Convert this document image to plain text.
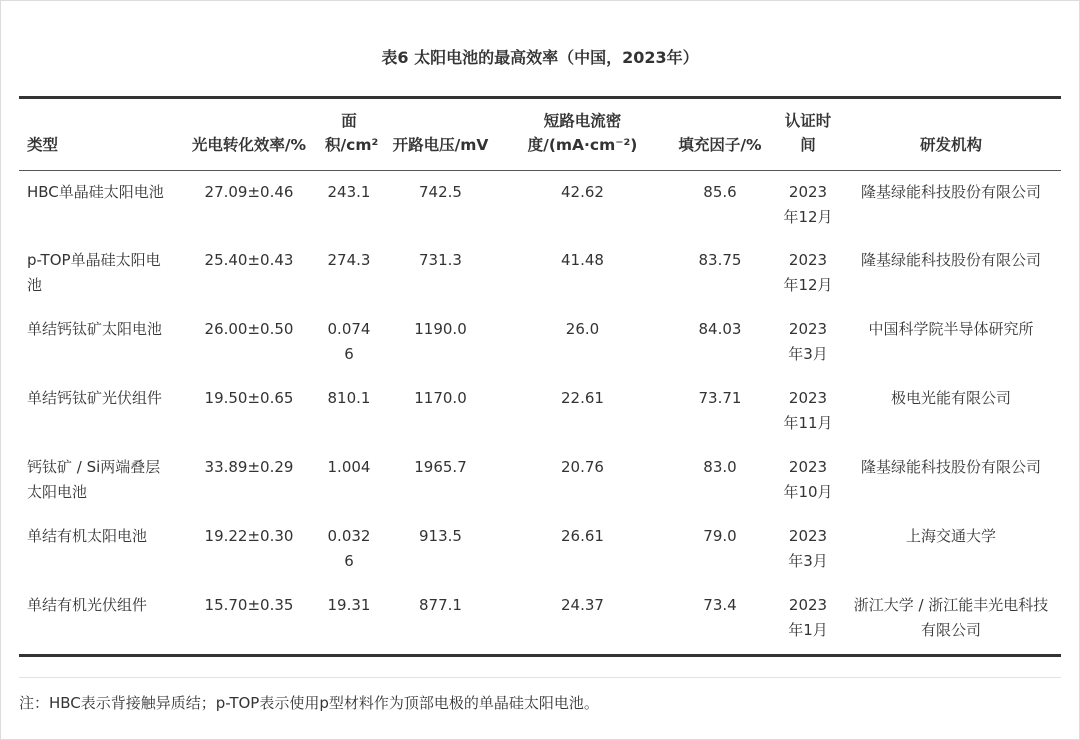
表6 太阳电池的最高效率（中国，2023年）
类型	光电转化效率/%	面积/cm²	开路电压/mV	短路电流密度/(mA·cm⁻²)	填充因子/%	认证时间	研发机构
HBC单晶硅太阳电池	27.09±0.46	243.1	742.5	42.62	85.6	2023年12月	隆基绿能科技股份有限公司
p-TOP单晶硅太阳电池	25.40±0.43	274.3	731.3	41.48	83.75	2023年12月	隆基绿能科技股份有限公司
单结钙钛矿太阳电池	26.00±0.50	0.074 6	1190.0	26.0	84.03	2023年3月	中国科学院半导体研究所
单结钙钛矿光伏组件	19.50±0.65	810.1	1170.0	22.61	73.71	2023年11月	极电光能有限公司
钙钛矿 / Si两端叠层太阳电池	33.89±0.29	1.004	1965.7	20.76	83.0	2023年10月	隆基绿能科技股份有限公司
单结有机太阳电池	19.22±0.30	0.032 6	913.5	26.61	79.0	2023年3月	上海交通大学
单结有机光伏组件	15.70±0.35	19.31	877.1	24.37	73.4	2023年1月	浙江大学 / 浙江能丰光电科技有限公司
注：HBC表示背接触异质结；p-TOP表示使用p型材料作为顶部电极的单晶硅太阳电池。
